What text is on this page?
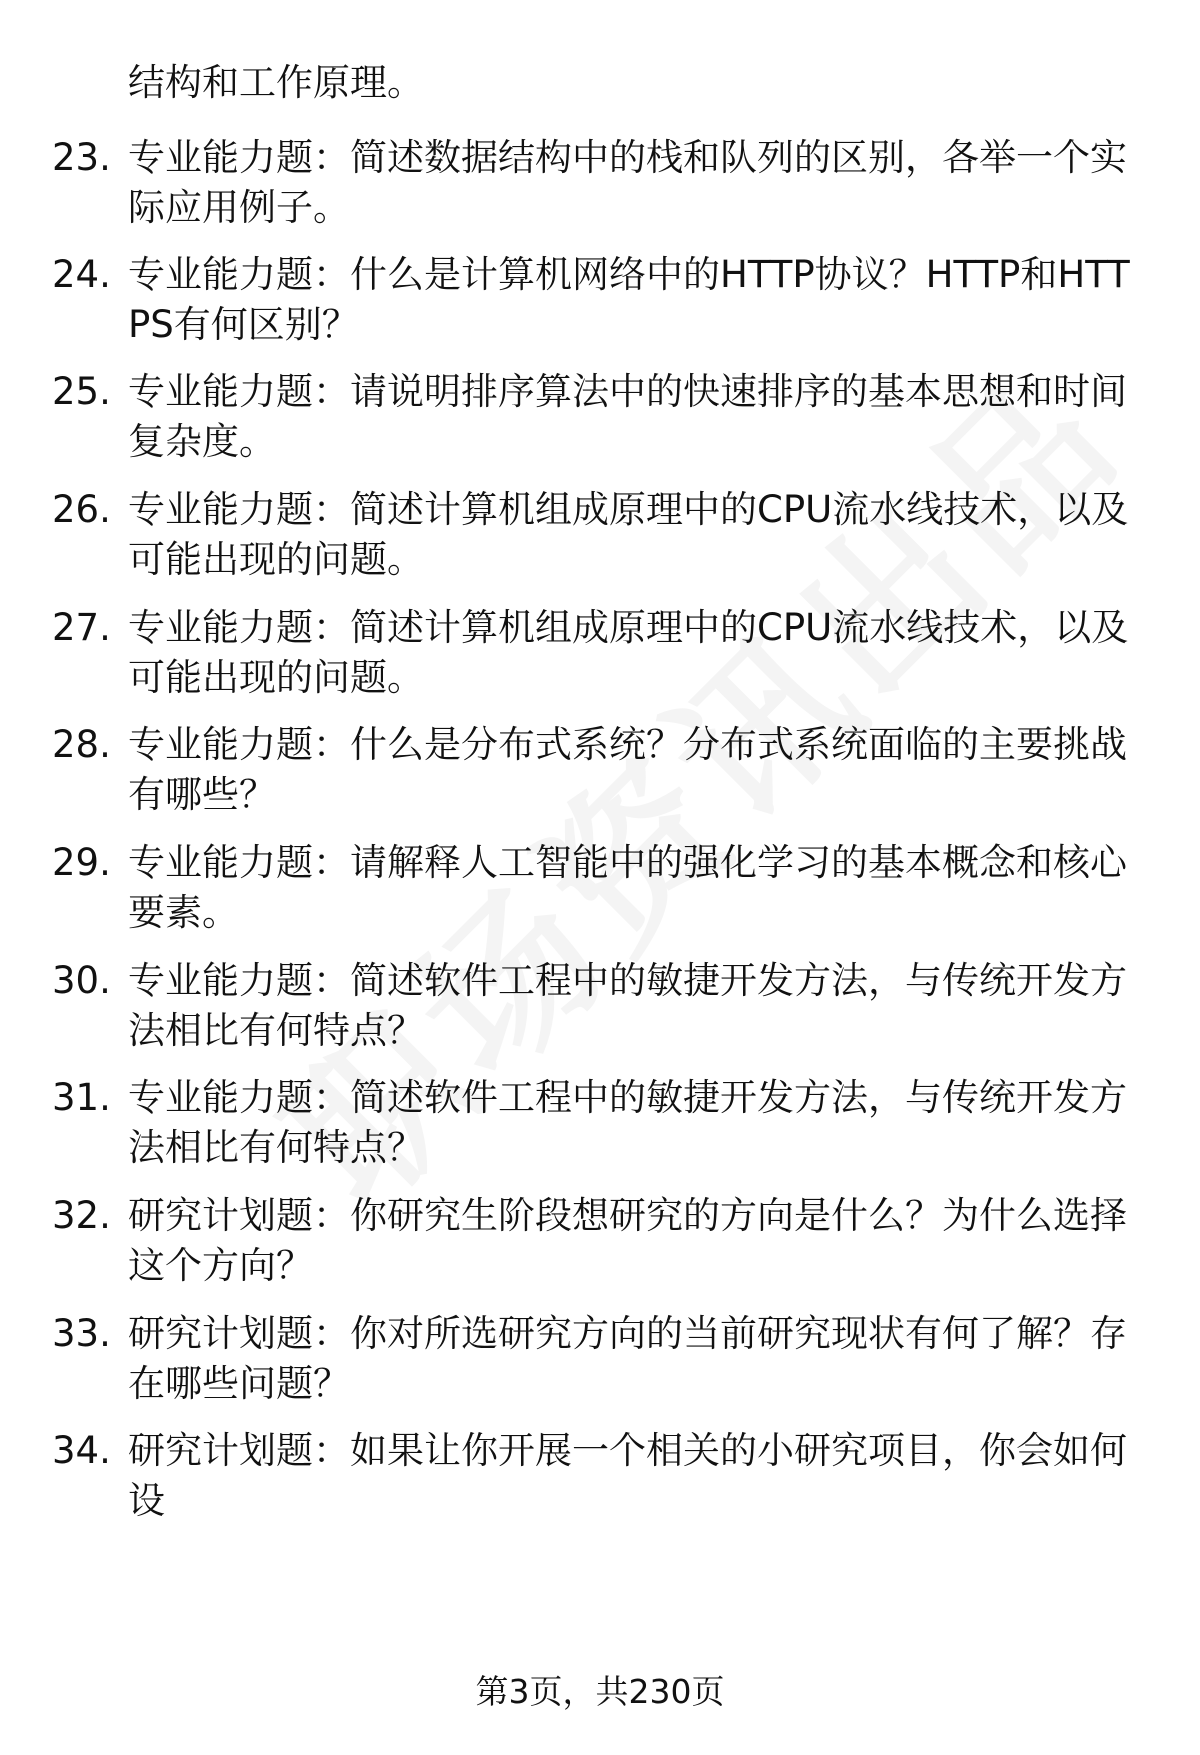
结构和工作原理。

23. 专业能力题：简述数据结构中的栈和队列的区别，各举一个实际应用例子。

24. 专业能力题：什么是计算机网络中的HTTP协议？HTTP和HTTPS有何区别？

25. 专业能力题：请说明排序算法中的快速排序的基本思想和时间复杂度。

26. 专业能力题：简述计算机组成原理中的CPU流水线技术，以及可能出现的问题。

27. 专业能力题：简述计算机组成原理中的CPU流水线技术，以及可能出现的问题。

28. 专业能力题：什么是分布式系统？分布式系统面临的主要挑战有哪些？

29. 专业能力题：请解释人工智能中的强化学习的基本概念和核心要素。

30. 专业能力题：简述软件工程中的敏捷开发方法，与传统开发方法相比有何特点？

31. 专业能力题：简述软件工程中的敏捷开发方法，与传统开发方法相比有何特点？

32. 研究计划题：你研究生阶段想研究的方向是什么？为什么选择这个方向？

33. 研究计划题：你对所选研究方向的当前研究现状有何了解？存在哪些问题？

34. 研究计划题：如果让你开展一个相关的小研究项目，你会如何设

第3页，共230页
